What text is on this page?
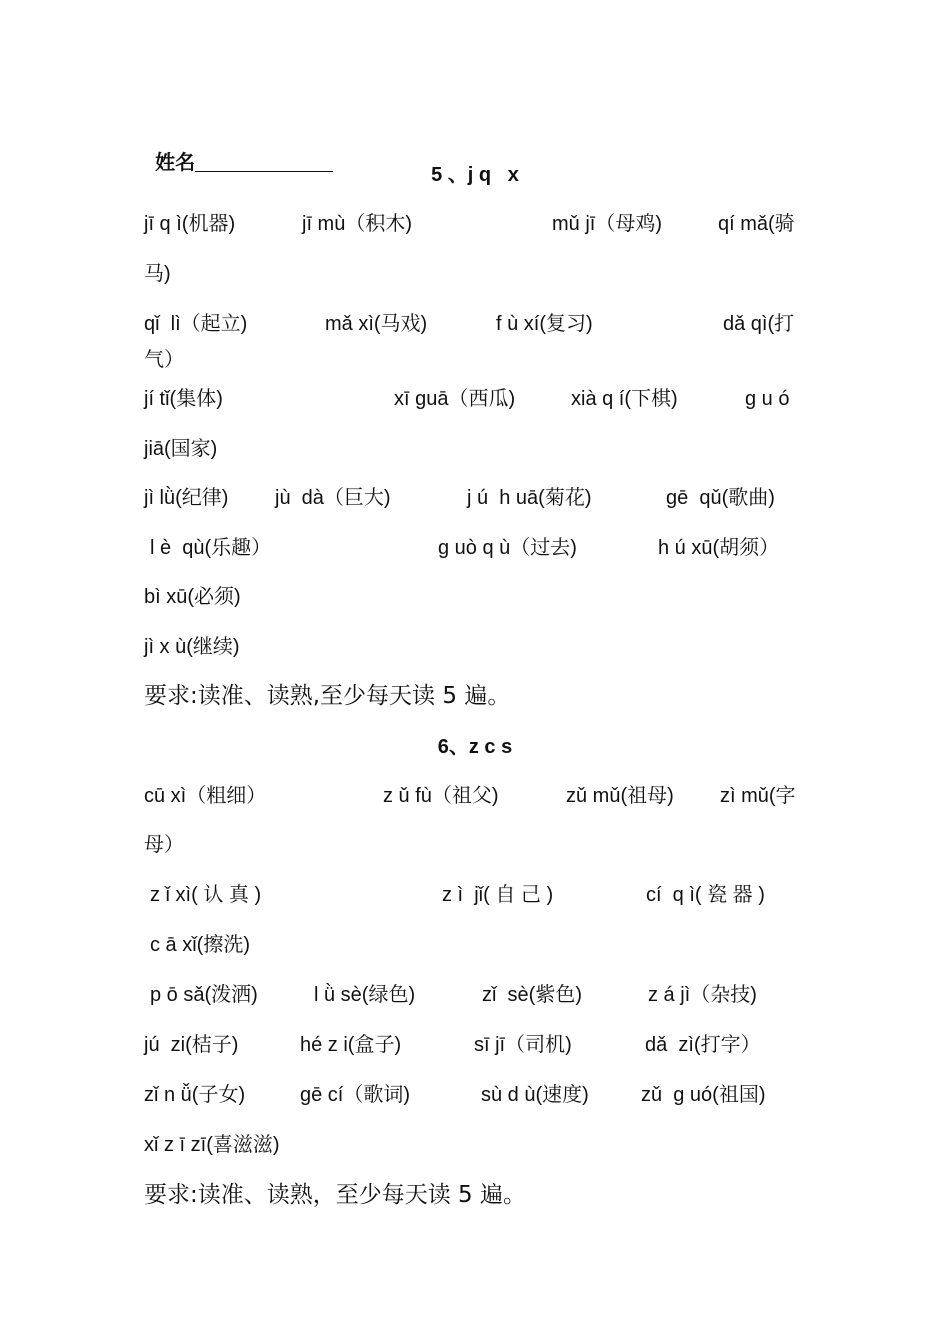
姓名

5 、j q   x
jī q ì(机器)	jī mù（积木)	mǔ jī（母鸡)	qí mǎ(骑
马)
qǐ  lì（起立)	mǎ xì(马戏)	f ù xí(复习)	dǎ qì(打
气）
jí tǐ(集体)	xī guā（西瓜)	xià q í(下棋)	g u ó
jiā(国家)
jì lǜ(纪律) jù  dà（巨大)	j ú  h uā(菊花)	gē  qǔ(歌曲)
l è  qù(乐趣）	g uò q ù（过去)	h ú xū(胡须）
bì xū(必须)
jì x ù(继续)
要求:读准、读熟,至少每天读 5 遍。
6、z c s
cū xì（粗细）	z ǔ fù（祖父)	zǔ mǔ(祖母) zì mǔ(字
母）
z ǐ xì( 认 真 )	z ì  jǐ( 自 己 )	cí  q ì( 瓷 器 )
c ā xǐ(擦洗)
p ō sǎ(泼洒)	l ǜ sè(绿色)	zǐ  sè(紫色)	z á jì（杂技)
jú  zi(桔子)	hé z i(盒子)	sī jī（司机)	dǎ  zì(打字）
zǐ n ǚ(子女)	gē cí（歌词)	sù d ù(速度)	zǔ  g uó(祖国)
xǐ z ī zī(喜滋滋)
要求:读准、读熟，至少每天读 5 遍。
